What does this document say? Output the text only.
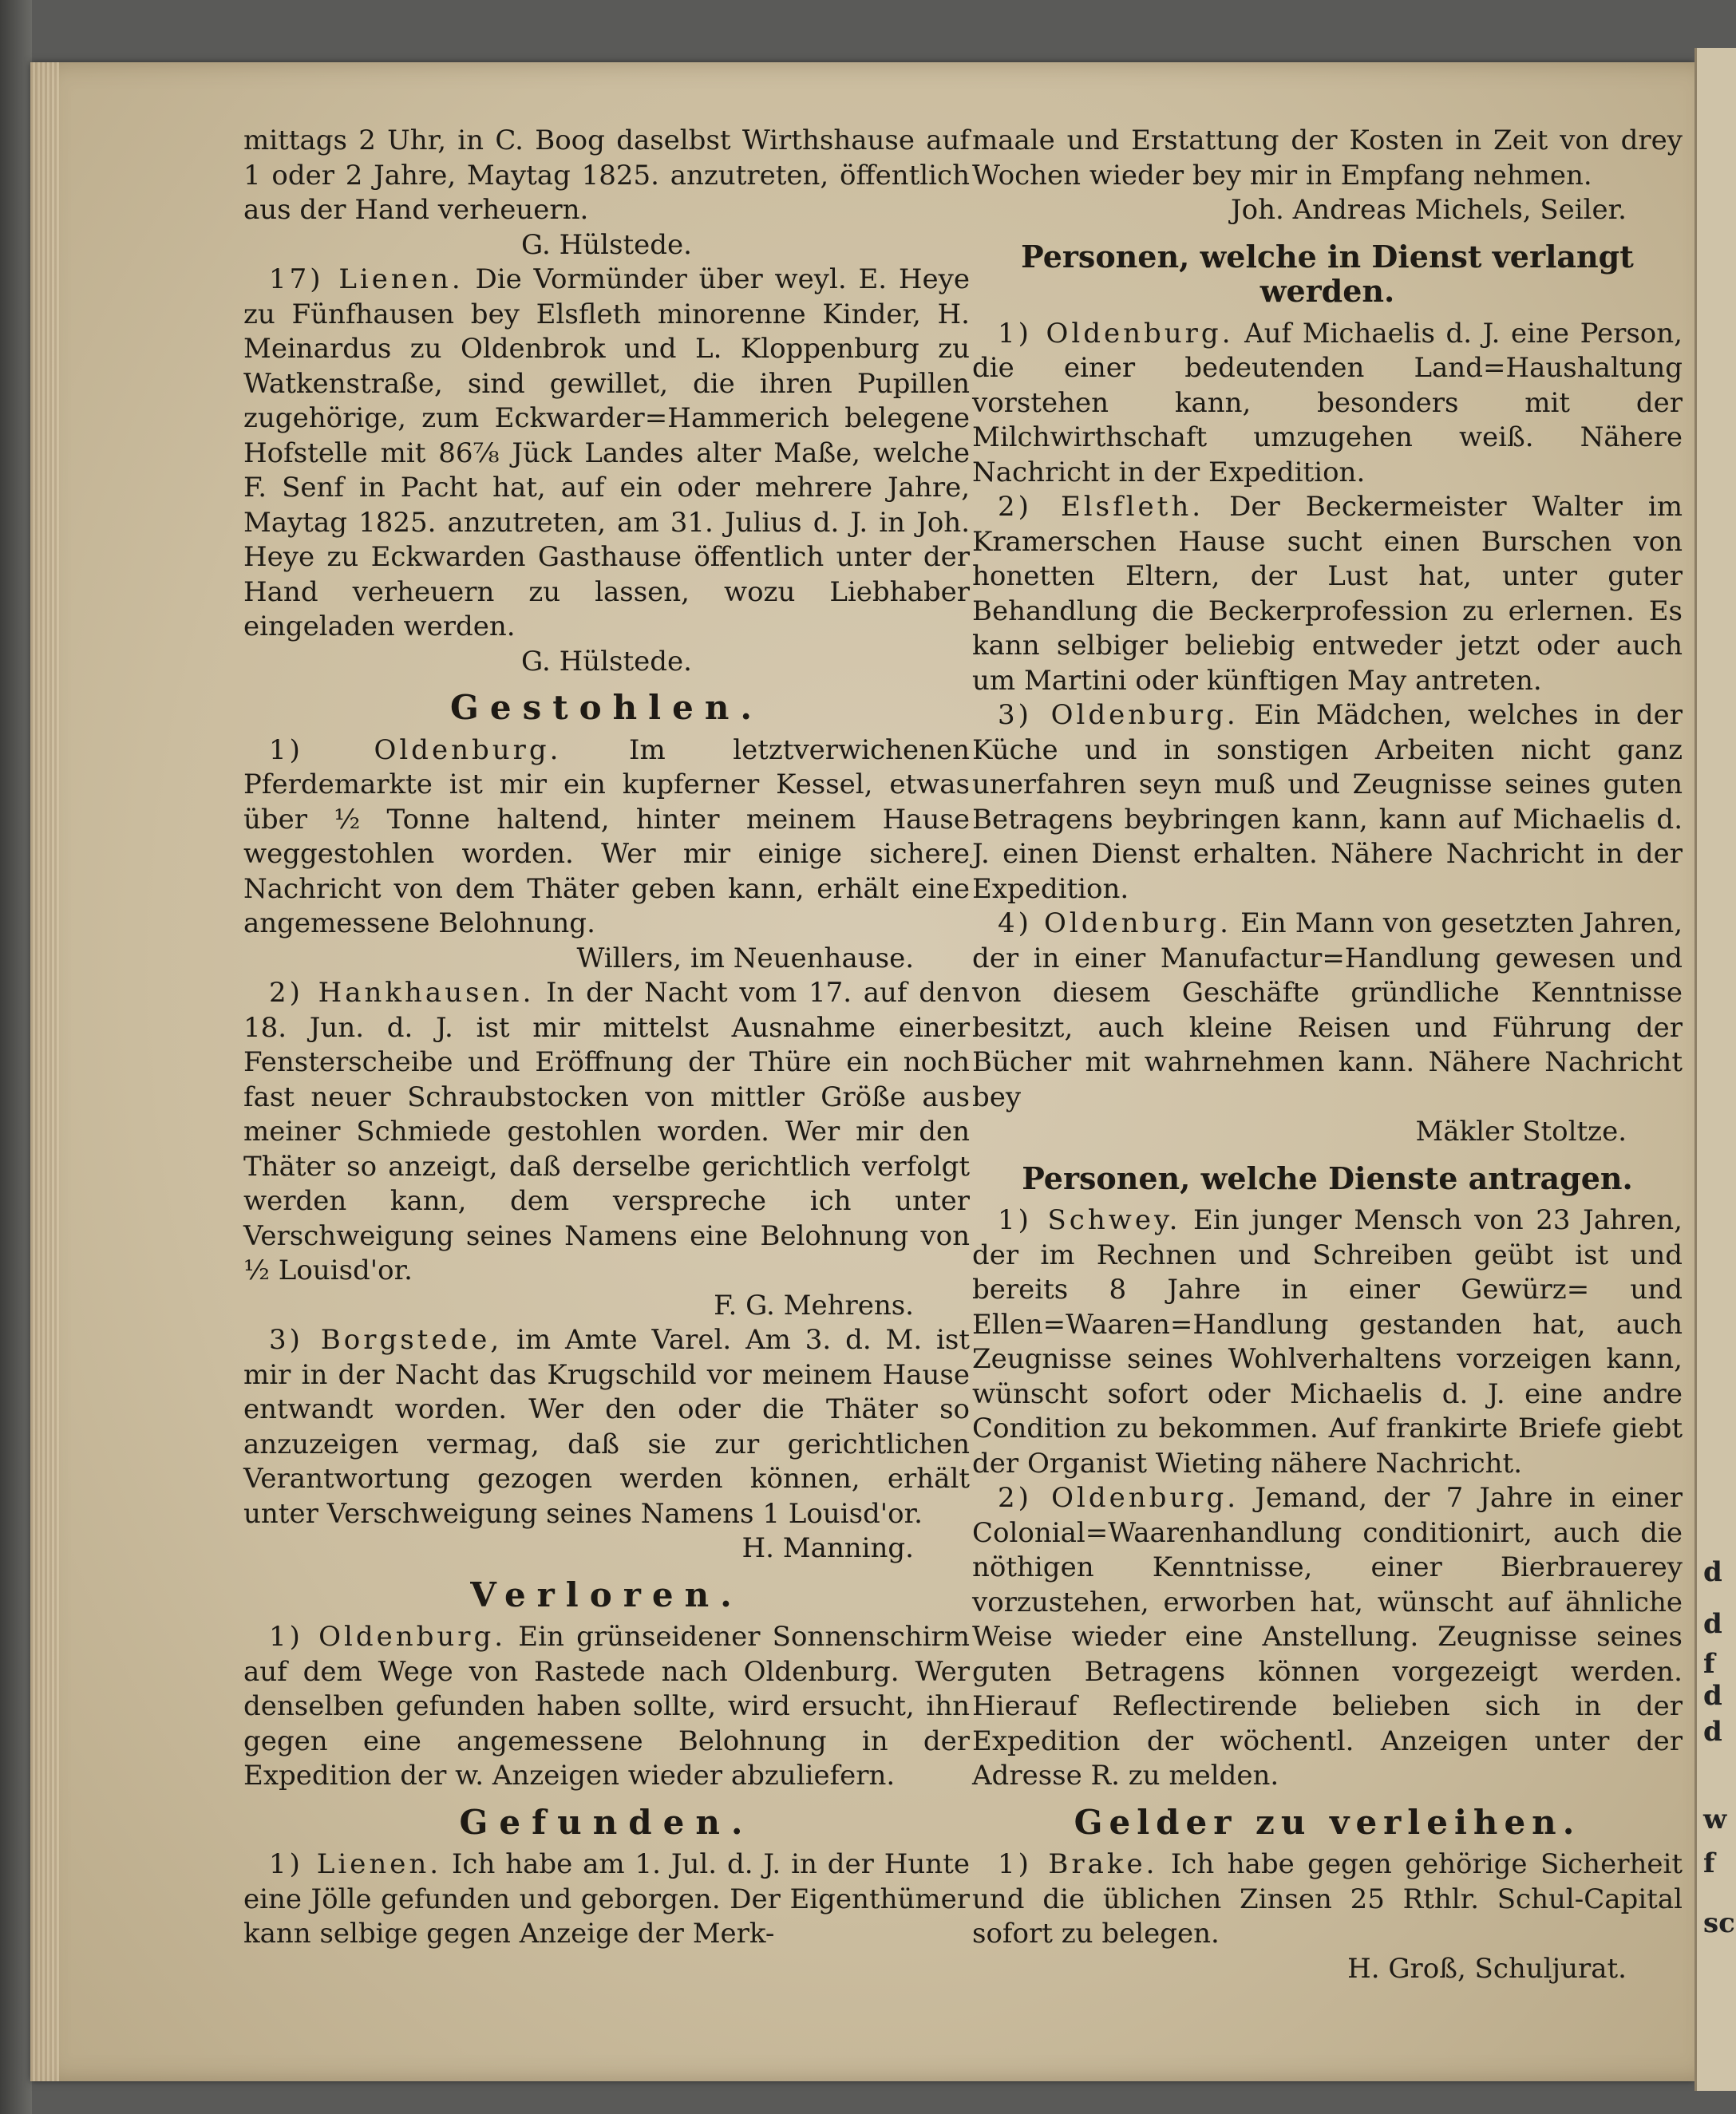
d
d
f
d
d
w
f
sc

mittags 2 Uhr, in C. Boog daselbst Wirthshause auf 1 oder 2 Jahre, Maytag 1825. anzutreten, öffentlich aus der Hand verheuern.

G. Hülstede.

17) Lienen. Die Vormünder über weyl. E. Heye zu Fünfhausen bey Elsfleth minorenne Kinder, H. Meinardus zu Oldenbrok und L. Kloppenburg zu Watkenstraße, sind gewillet, die ihren Pupillen zugehörige, zum Eckwarder=Hammerich belegene Hofstelle mit 86⅞ Jück Landes alter Maße, welche F. Senf in Pacht hat, auf ein oder mehrere Jahre, Maytag 1825. anzutreten, am 31. Julius d. J. in Joh. Heye zu Eckwarden Gasthause öffentlich unter der Hand verheuern zu lassen, wozu Liebhaber eingeladen werden.

G. Hülstede.

Gestohlen.

1) Oldenburg. Im letztverwichenen Pferdemarkte ist mir ein kupferner Kessel, etwas über ½ Tonne haltend, hinter meinem Hause weggestohlen worden. Wer mir einige sichere Nachricht von dem Thäter geben kann, erhält eine angemessene Belohnung.

Willers, im Neuenhause.

2) Hankhausen. In der Nacht vom 17. auf den 18. Jun. d. J. ist mir mittelst Ausnahme einer Fensterscheibe und Eröffnung der Thüre ein noch fast neuer Schraubstocken von mittler Größe aus meiner Schmiede gestohlen worden. Wer mir den Thäter so anzeigt, daß derselbe gerichtlich verfolgt werden kann, dem verspreche ich unter Verschweigung seines Namens eine Belohnung von ½ Louisd'or.

F. G. Mehrens.

3) Borgstede, im Amte Varel. Am 3. d. M. ist mir in der Nacht das Krugschild vor meinem Hause entwandt worden. Wer den oder die Thäter so anzuzeigen vermag, daß sie zur gerichtlichen Verantwortung gezogen werden können, erhält unter Verschweigung seines Namens 1 Louisd'or.

H. Manning.

Verloren.

1) Oldenburg. Ein grünseidener Sonnenschirm auf dem Wege von Rastede nach Oldenburg. Wer denselben gefunden haben sollte, wird ersucht, ihn gegen eine angemessene Belohnung in der Expedition der w. Anzeigen wieder abzuliefern.

Gefunden.

1) Lienen. Ich habe am 1. Jul. d. J. in der Hunte eine Jölle gefunden und geborgen. Der Eigenthümer kann selbige gegen Anzeige der Merk-

maale und Erstattung der Kosten in Zeit von drey Wochen wieder bey mir in Empfang nehmen.

Joh. Andreas Michels, Seiler.

Personen, welche in Dienst verlangt werden.

1) Oldenburg. Auf Michaelis d. J. eine Person, die einer bedeutenden Land=Haushaltung vorstehen kann, besonders mit der Milchwirthschaft umzugehen weiß. Nähere Nachricht in der Expedition.

2) Elsfleth. Der Beckermeister Walter im Kramerschen Hause sucht einen Burschen von honetten Eltern, der Lust hat, unter guter Behandlung die Beckerprofession zu erlernen. Es kann selbiger beliebig entweder jetzt oder auch um Martini oder künftigen May antreten.

3) Oldenburg. Ein Mädchen, welches in der Küche und in sonstigen Arbeiten nicht ganz unerfahren seyn muß und Zeugnisse seines guten Betragens beybringen kann, kann auf Michaelis d. J. einen Dienst erhalten. Nähere Nachricht in der Expedition.

4) Oldenburg. Ein Mann von gesetzten Jahren, der in einer Manufactur=Handlung gewesen und von diesem Geschäfte gründliche Kenntnisse besitzt, auch kleine Reisen und Führung der Bücher mit wahrnehmen kann. Nähere Nachricht bey

Mäkler Stoltze.

Personen, welche Dienste antragen.

1) Schwey. Ein junger Mensch von 23 Jahren, der im Rechnen und Schreiben geübt ist und bereits 8 Jahre in einer Gewürz= und Ellen=Waaren=Handlung gestanden hat, auch Zeugnisse seines Wohlverhaltens vorzeigen kann, wünscht sofort oder Michaelis d. J. eine andre Condition zu bekommen. Auf frankirte Briefe giebt der Organist Wieting nähere Nachricht.

2) Oldenburg. Jemand, der 7 Jahre in einer Colonial=Waarenhandlung conditionirt, auch die nöthigen Kenntnisse, einer Bierbrauerey vorzustehen, erworben hat, wünscht auf ähnliche Weise wieder eine Anstellung. Zeugnisse seines guten Betragens können vorgezeigt werden. Hierauf Reflectirende belieben sich in der Expedition der wöchentl. Anzeigen unter der Adresse R. zu melden.

Gelder zu verleihen.

1) Brake. Ich habe gegen gehörige Sicherheit und die üblichen Zinsen 25 Rthlr. Schul-Capital sofort zu belegen.

H. Groß, Schuljurat.
